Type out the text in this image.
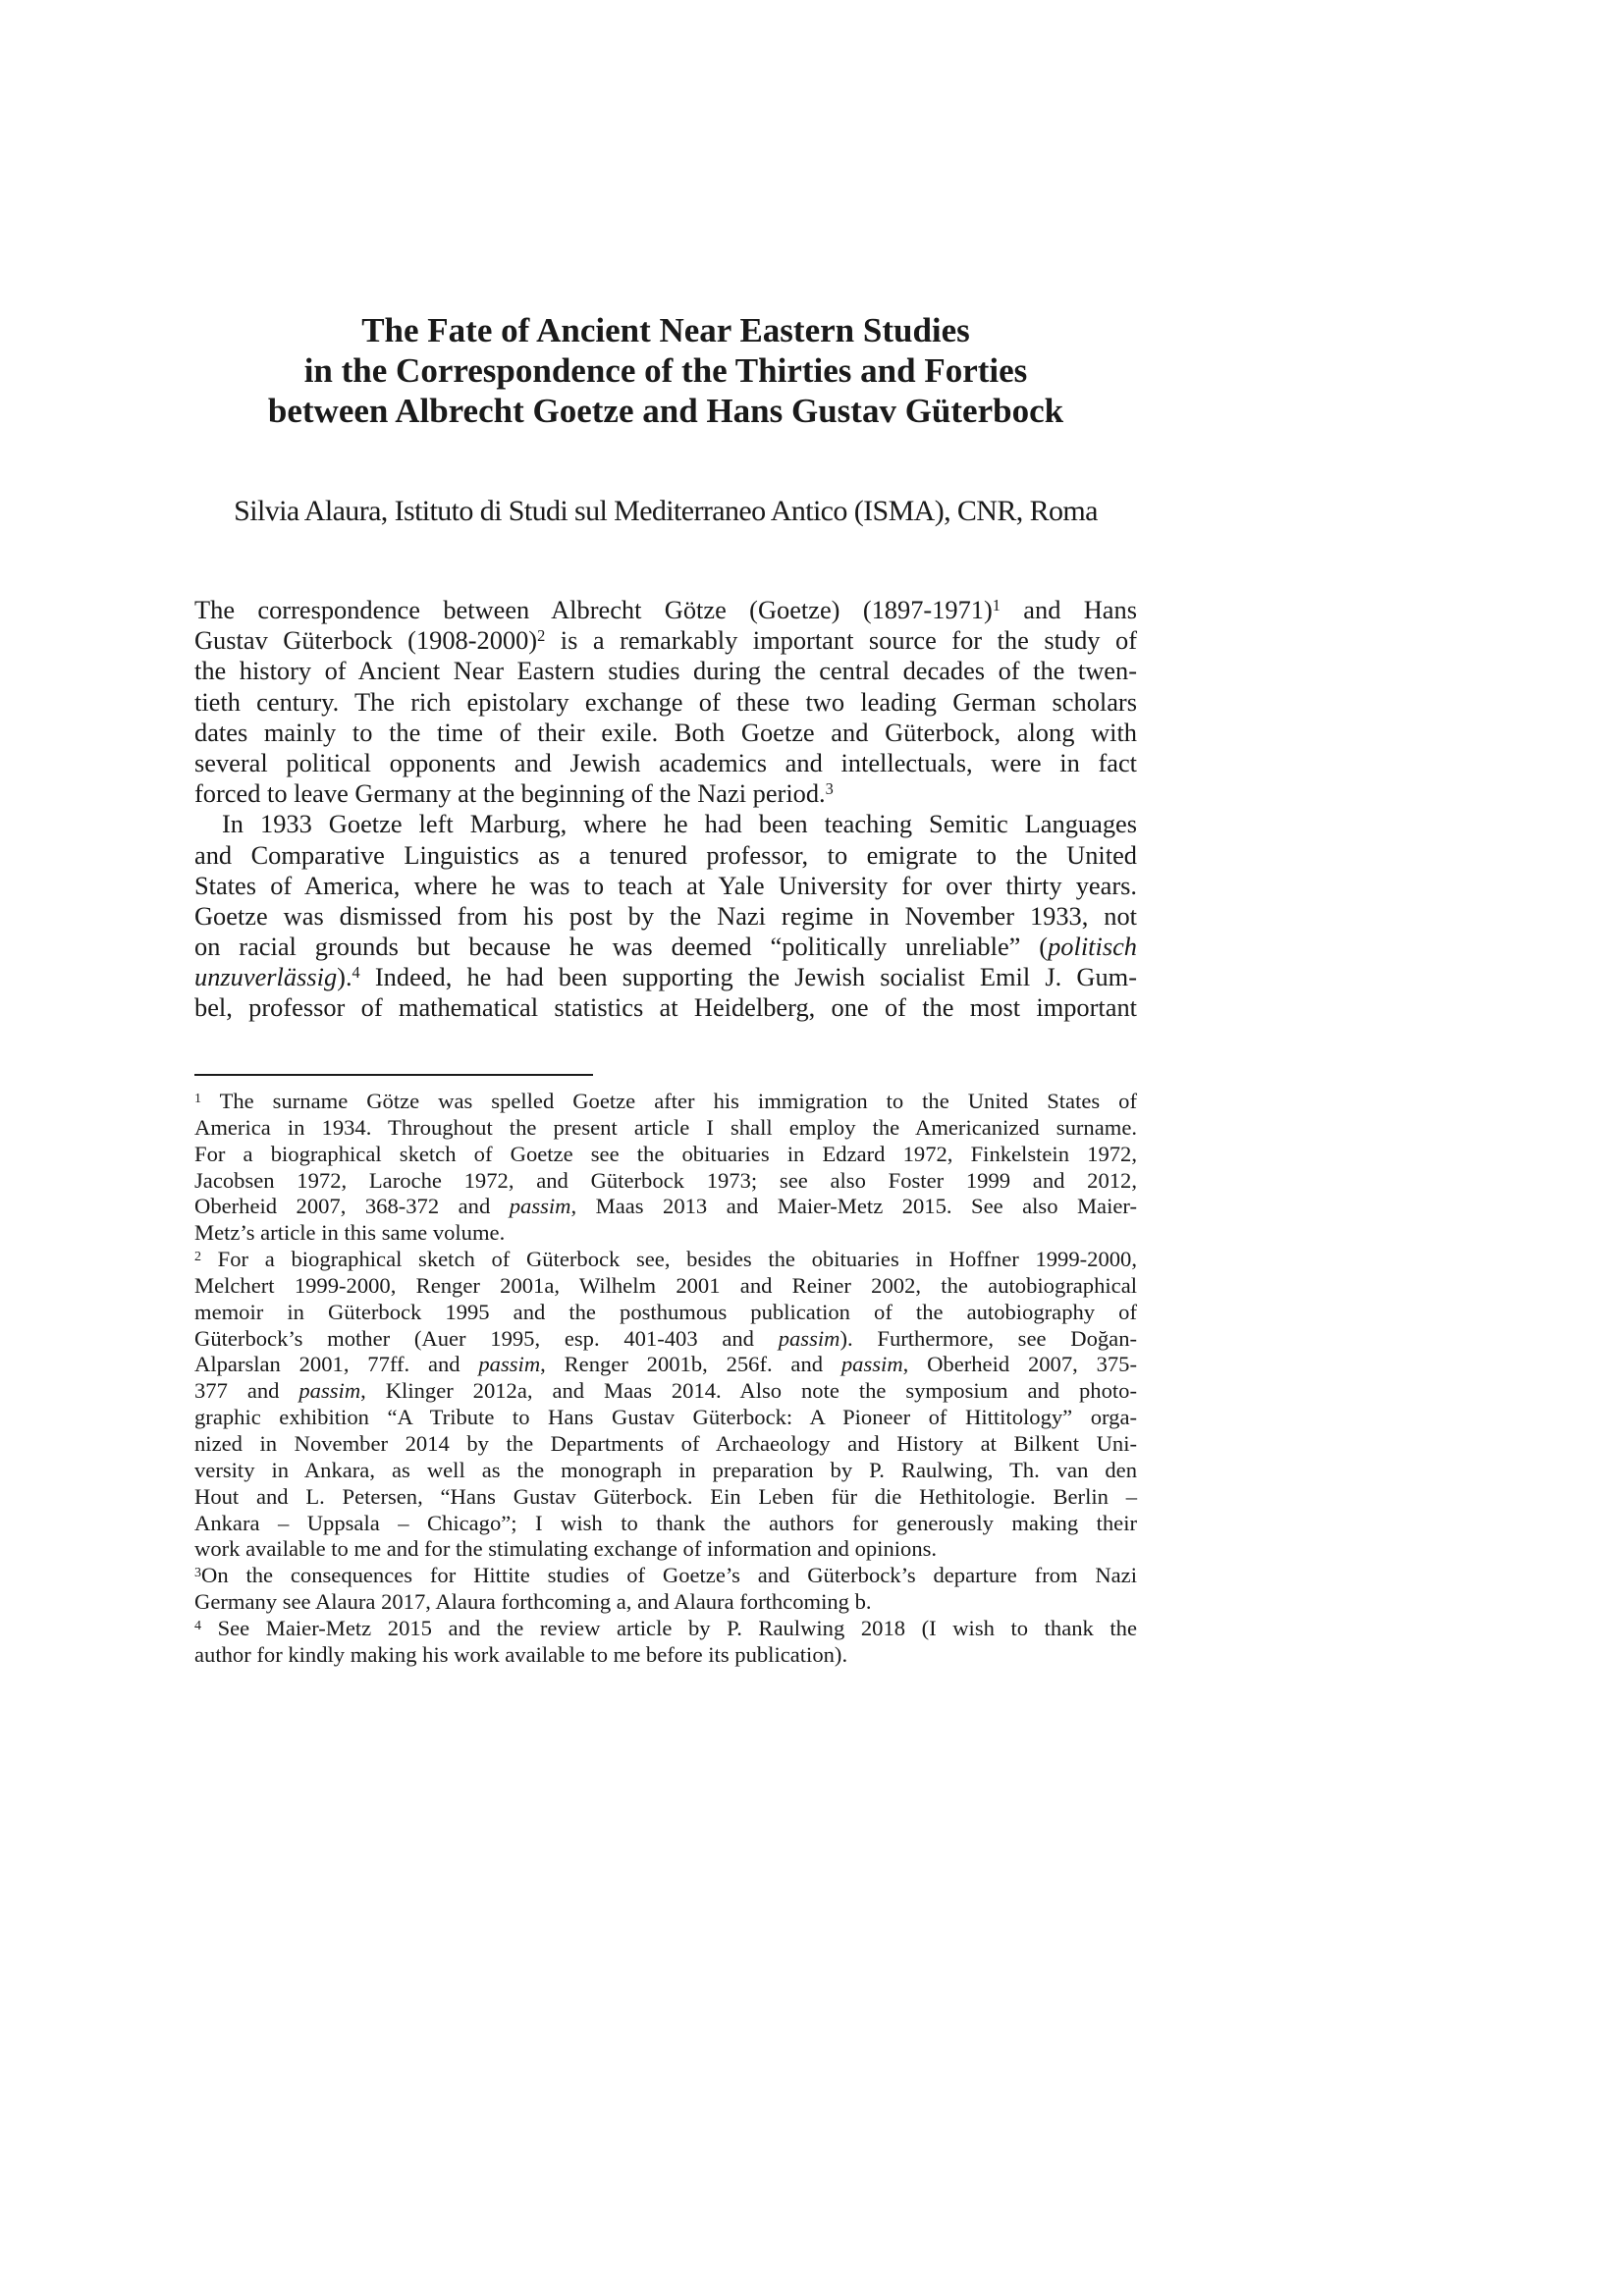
The Fate of Ancient Near Eastern Studies
in the Correspondence of the Thirties and Forties
between Albrecht Goetze and Hans Gustav Güterbock
Silvia Alaura, Istituto di Studi sul Mediterraneo Antico (ISMA), CNR, Roma
The correspondence between Albrecht Götze (Goetze) (1897-1971)$^1$ and Hans
Gustav Güterbock (1908-2000)$^2$ is a remarkably important source for the study of
the history of Ancient Near Eastern studies during the central decades of the twen-
tieth century. The rich epistolary exchange of these two leading German scholars
dates mainly to the time of their exile. Both Goetze and Güterbock, along with
several political opponents and Jewish academics and intellectuals, were in fact
forced to leave Germany at the beginning of the Nazi period.$^3$
In 1933 Goetze left Marburg, where he had been teaching Semitic Languages
and Comparative Linguistics as a tenured professor, to emigrate to the United
States of America, where he was to teach at Yale University for over thirty years.
Goetze was dismissed from his post by the Nazi regime in November 1933, not
on racial grounds but because he was deemed “politically unreliable” (politisch
unzuverlässig).$^4$ Indeed, he had been supporting the Jewish socialist Emil J. Gum-
bel, professor of mathematical statistics at Heidelberg, one of the most important
$^1$ The surname Götze was spelled Goetze after his immigration to the United States of
America in 1934. Throughout the present article I shall employ the Americanized surname.
For a biographical sketch of Goetze see the obituaries in Edzard 1972, Finkelstein 1972,
Jacobsen 1972, Laroche 1972, and Güterbock 1973; see also Foster 1999 and 2012,
Oberheid 2007, 368-372 and passim, Maas 2013 and Maier-Metz 2015. See also Maier-
Metz’s article in this same volume.
$^2$ For a biographical sketch of Güterbock see, besides the obituaries in Hoffner 1999-2000,
Melchert 1999-2000, Renger 2001a, Wilhelm 2001 and Reiner 2002, the autobiographical
memoir in Güterbock 1995 and the posthumous publication of the autobiography of
Güterbock’s mother (Auer 1995, esp. 401-403 and passim). Furthermore, see Doğan-
Alparslan 2001, 77ff. and passim, Renger 2001b, 256f. and passim, Oberheid 2007, 375-
377 and passim, Klinger 2012a, and Maas 2014. Also note the symposium and photo-
graphic exhibition “A Tribute to Hans Gustav Güterbock: A Pioneer of Hittitology” orga-
nized in November 2014 by the Departments of Archaeology and History at Bilkent Uni-
versity in Ankara, as well as the monograph in preparation by P. Raulwing, Th. van den
Hout and L. Petersen, “Hans Gustav Güterbock. Ein Leben für die Hethitologie. Berlin –
Ankara – Uppsala – Chicago”; I wish to thank the authors for generously making their
work available to me and for the stimulating exchange of information and opinions.
$^3$On the consequences for Hittite studies of Goetze’s and Güterbock’s departure from Nazi
Germany see Alaura 2017, Alaura forthcoming a, and Alaura forthcoming b.
$^4$ See Maier-Metz 2015 and the review article by P. Raulwing 2018 (I wish to thank the
author for kindly making his work available to me before its publication).
